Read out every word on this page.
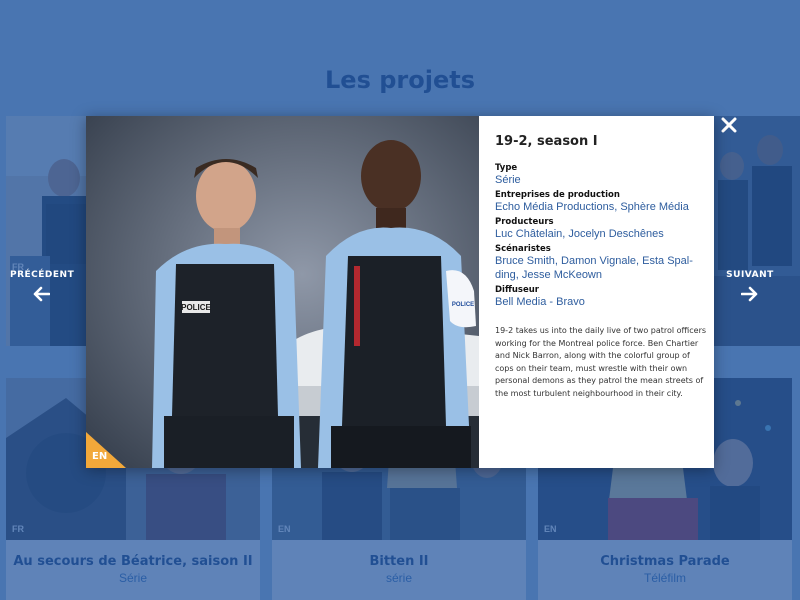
PRÉCÉDENT	SUIVANT
POLICE	POLICE
EN
19-2, season I
Type
Série
Entreprises de production
Echo Média Productions, Sphère Média
Producteurs
Luc Châtelain, Jocelyn Deschênes
Scénaristes
Bruce Smith, Damon Vignale, Esta Spal-ding, Jesse McKeown
Diffuseur
Bell Media - Bravo

19-2 takes us into the daily live of two patrol officers working for the Montreal police force. Ben Chartier and Nick Barron, along with the colorful group of cops on their team, must wrestle with their own personal demons as they patrol the mean streets of the most turbulent neighbourhood in their city.
